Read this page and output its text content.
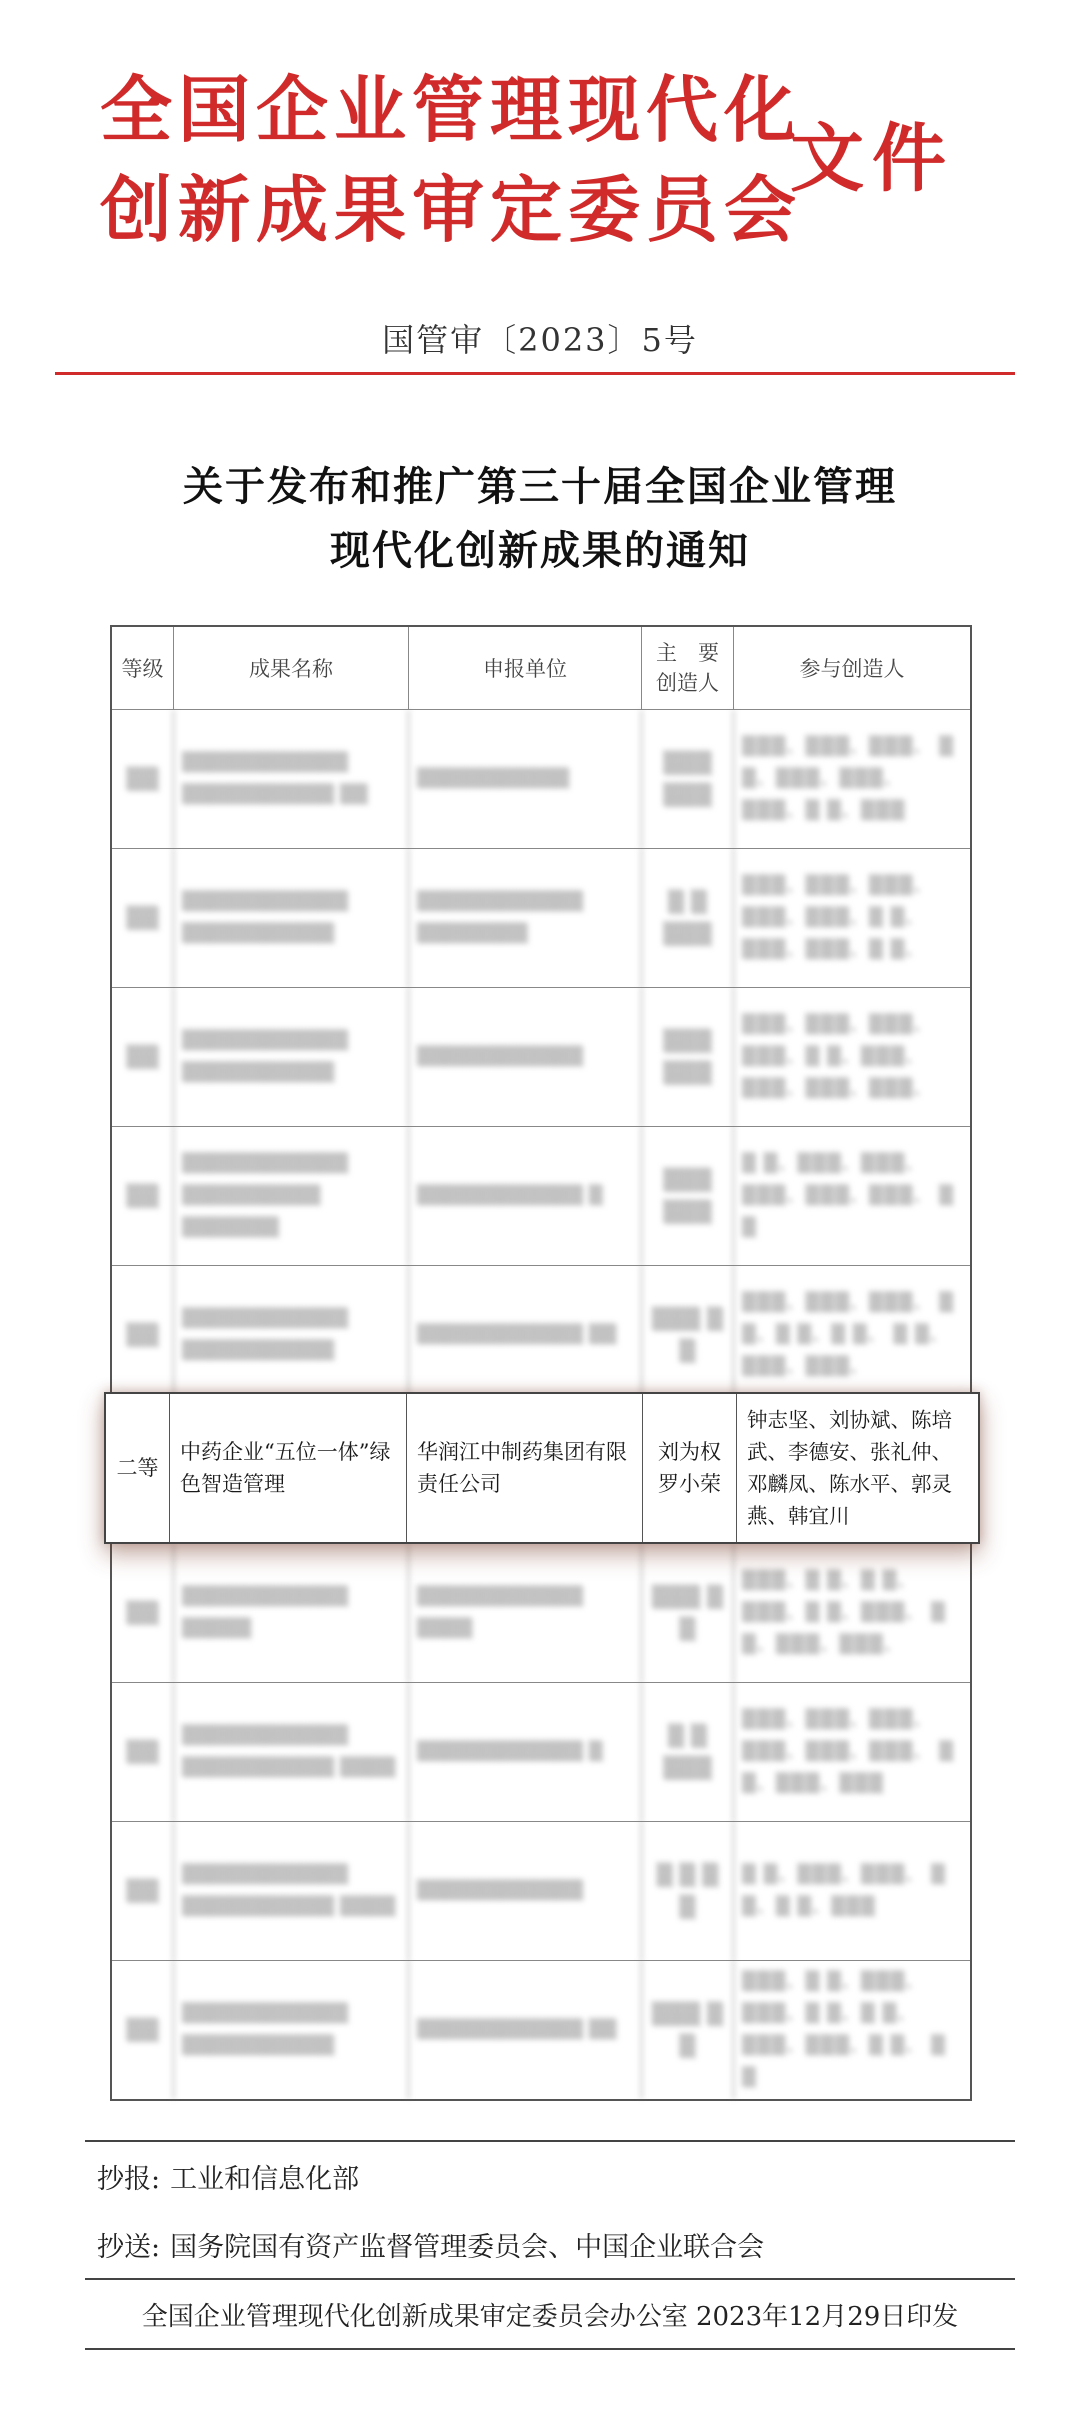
全国企业管理现代化
创新成果审定委员会
文件
国管审〔2023〕5号
关于发布和推广第三十届全国企业管理
现代化创新成果的通知
等级	成果名称	申报单位
主　要
创造人
参与创造人
▒▒
▒▒▒▒▒▒▒▒▒▒▒▒ ▒▒▒▒▒▒▒▒▒▒▒ ▒▒
▒▒▒▒▒▒▒▒▒▒▒
▒▒▒ ▒▒▒
▒▒▒、▒▒▒、▒▒▒、 ▒ ▒、▒▒▒、▒▒▒、 ▒▒▒、▒ ▒、▒▒▒
▒▒
▒▒▒▒▒▒▒▒▒▒▒▒ ▒▒▒▒▒▒▒▒▒▒▒
▒▒▒▒▒▒▒▒▒▒▒▒ ▒▒▒▒▒▒▒▒
▒ ▒ ▒▒▒
▒▒▒、▒▒▒、▒▒▒、 ▒▒▒、▒▒▒、▒ ▒、 ▒▒▒、▒▒▒、▒ ▒、
▒▒
▒▒▒▒▒▒▒▒▒▒▒▒ ▒▒▒▒▒▒▒▒▒▒▒
▒▒▒▒▒▒▒▒▒▒▒▒
▒▒▒ ▒▒▒
▒▒▒、▒▒▒、▒▒▒、 ▒▒▒、▒ ▒、▒▒▒、 ▒▒▒、▒▒▒、▒▒▒、
▒▒
▒▒▒▒▒▒▒▒▒▒▒▒ ▒▒▒▒▒▒▒▒▒▒ ▒▒▒▒▒▒▒
▒▒▒▒▒▒▒▒▒▒▒▒ ▒
▒▒▒ ▒▒▒
▒ ▒、▒▒▒、▒▒▒、 ▒▒▒、▒▒▒、▒▒▒、 ▒ ▒
▒▒
▒▒▒▒▒▒▒▒▒▒▒▒ ▒▒▒▒▒▒▒▒▒▒▒
▒▒▒▒▒▒▒▒▒▒▒▒ ▒▒
▒▒▒ ▒ ▒
▒▒▒、▒▒▒、▒▒▒、 ▒ ▒、▒ ▒、▒ ▒、 ▒ ▒、▒▒▒、▒▒▒、
▒▒
▒▒▒▒▒▒▒▒▒▒▒▒ ▒▒▒▒▒
▒▒▒▒▒▒▒▒▒▒▒▒ ▒▒▒▒
▒▒▒ ▒ ▒
▒▒▒、▒ ▒、▒ ▒、 ▒▒▒、▒ ▒、▒▒▒、 ▒ ▒、▒▒▒、▒▒▒、
▒▒
▒▒▒▒▒▒▒▒▒▒▒▒ ▒▒▒▒▒▒▒▒▒▒▒ ▒▒▒▒
▒▒▒▒▒▒▒▒▒▒▒▒ ▒
▒ ▒ ▒▒▒
▒▒▒、▒▒▒、▒▒▒、 ▒▒▒、▒▒▒、▒▒▒、 ▒ ▒、▒▒▒、▒▒▒
▒▒
▒▒▒▒▒▒▒▒▒▒▒▒ ▒▒▒▒▒▒▒▒▒▒▒ ▒▒▒▒
▒▒▒▒▒▒▒▒▒▒▒▒
▒ ▒ ▒ ▒
▒ ▒、▒▒▒、▒▒▒、 ▒ ▒、▒ ▒、▒▒▒
▒▒
▒▒▒▒▒▒▒▒▒▒▒▒ ▒▒▒▒▒▒▒▒▒▒▒
▒▒▒▒▒▒▒▒▒▒▒▒ ▒▒
▒▒▒ ▒ ▒
▒▒▒、▒ ▒、▒▒▒、 ▒▒▒、▒ ▒、▒ ▒、 ▒▒▒、▒▒▒、▒ ▒、 ▒ ▒
二等
中药企业“五位一体”绿色智造管理
华润江中制药集团有限责任公司
刘为权
罗小荣
钟志坚、刘协斌、陈培武、李德安、张礼仲、邓麟凤、陈水平、郭灵燕、韩宜川
抄报: 工业和信息化部
抄送: 国务院国有资产监督管理委员会、中国企业联合会
全国企业管理现代化创新成果审定委员会办公室 2023年12月29日印发
